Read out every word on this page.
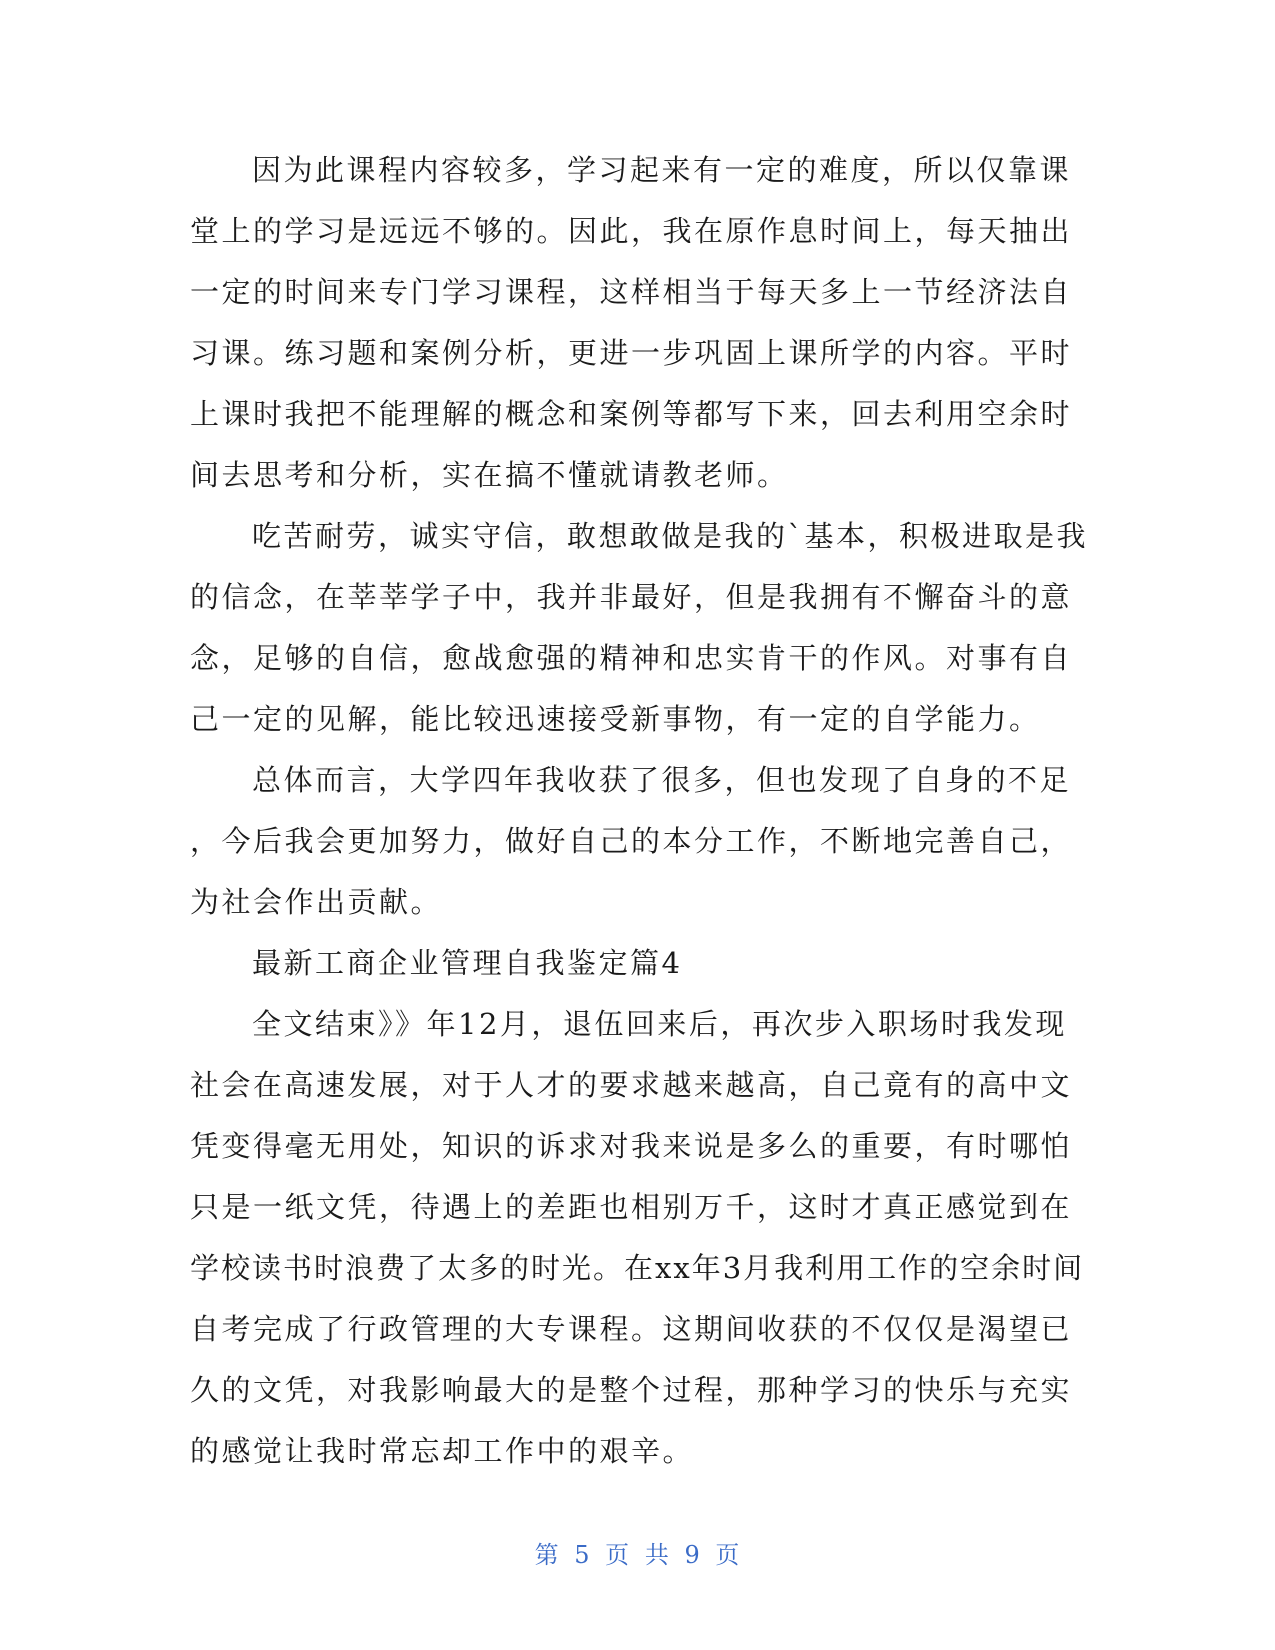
因为此课程内容较多，学习起来有一定的难度，所以仅靠课
堂上的学习是远远不够的。因此，我在原作息时间上，每天抽出
一定的时间来专门学习课程，这样相当于每天多上一节经济法自
习课。练习题和案例分析，更进一步巩固上课所学的内容。平时
上课时我把不能理解的概念和案例等都写下来，回去利用空余时
间去思考和分析，实在搞不懂就请教老师。
吃苦耐劳，诚实守信，敢想敢做是我的`基本，积极进取是我
的信念，在莘莘学子中，我并非最好，但是我拥有不懈奋斗的意
念，足够的自信，愈战愈强的精神和忠实肯干的作风。对事有自
己一定的见解，能比较迅速接受新事物，有一定的自学能力。
总体而言，大学四年我收获了很多，但也发现了自身的不足
，今后我会更加努力，做好自己的本分工作，不断地完善自己，
为社会作出贡献。
最新工商企业管理自我鉴定篇4
全文结束》》年12月，退伍回来后，再次步入职场时我发现
社会在高速发展，对于人才的要求越来越高，自己竟有的高中文
凭变得毫无用处，知识的诉求对我来说是多么的重要，有时哪怕
只是一纸文凭，待遇上的差距也相别万千，这时才真正感觉到在
学校读书时浪费了太多的时光。在xx年3月我利用工作的空余时间
自考完成了行政管理的大专课程。这期间收获的不仅仅是渴望已
久的文凭，对我影响最大的是整个过程，那种学习的快乐与充实
的感觉让我时常忘却工作中的艰辛。
第 5 页 共 9 页
